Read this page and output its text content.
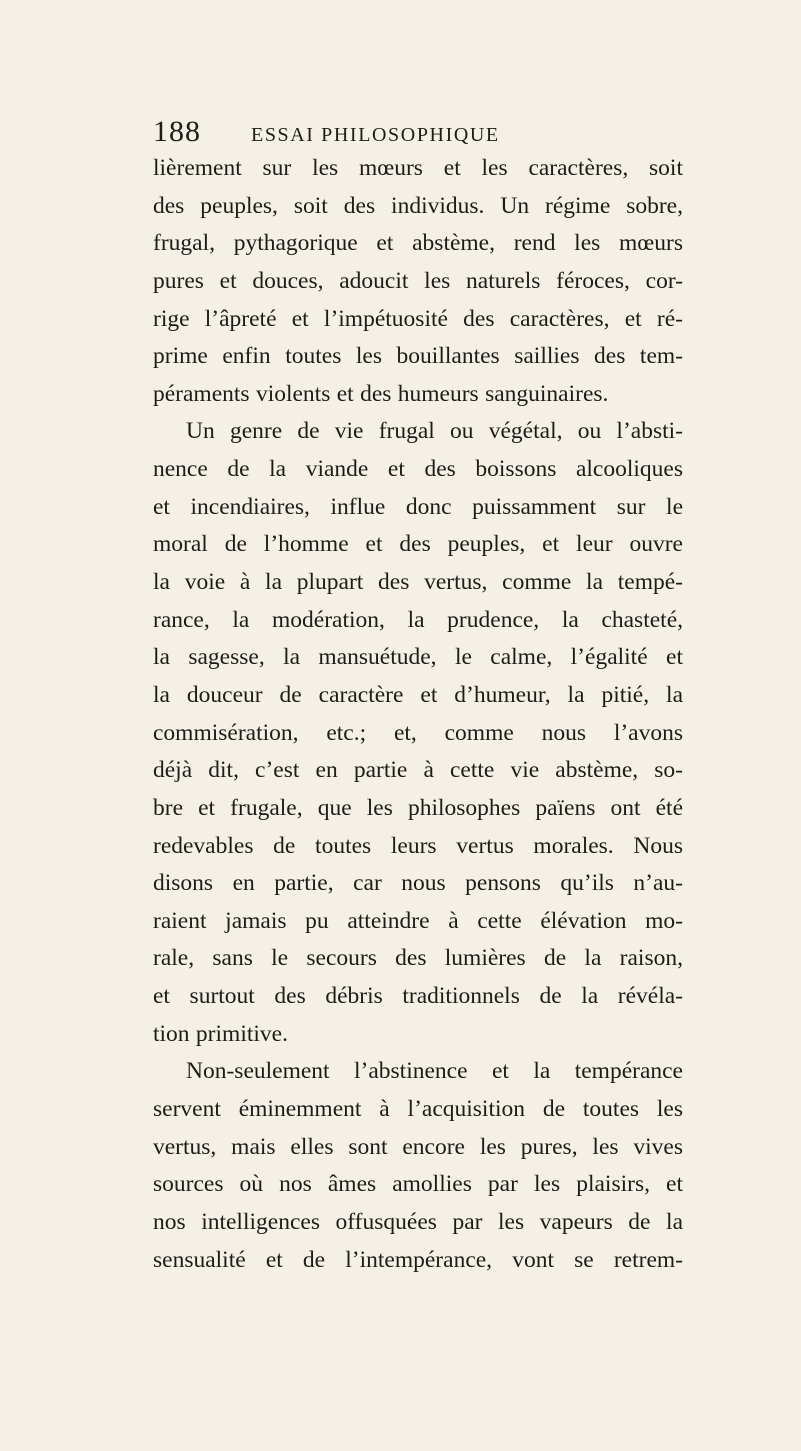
188	ESSAI PHILOSOPHIQUE
lièrement sur les mœurs et les caractères, soit
des peuples, soit des individus. Un régime sobre,
frugal, pythagorique et abstème, rend les mœurs
pures et douces, adoucit les naturels féroces, cor-
rige l’âpreté et l’impétuosité des caractères, et ré-
prime enfin toutes les bouillantes saillies des tem-
péraments violents et des humeurs sanguinaires.
Un genre de vie frugal ou végétal, ou l’absti-
nence de la viande et des boissons alcooliques
et incendiaires, influe donc puissamment sur le
moral de l’homme et des peuples, et leur ouvre
la voie à la plupart des vertus, comme la tempé-
rance, la modération, la prudence, la chasteté,
la sagesse, la mansuétude, le calme, l’égalité et
la douceur de caractère et d’humeur, la pitié, la
commisération, etc.; et, comme nous l’avons
déjà dit, c’est en partie à cette vie abstème, so-
bre et frugale, que les philosophes païens ont été
redevables de toutes leurs vertus morales. Nous
disons en partie, car nous pensons qu’ils n’au-
raient jamais pu atteindre à cette élévation mo-
rale, sans le secours des lumières de la raison,
et surtout des débris traditionnels de la révéla-
tion primitive.
Non-seulement l’abstinence et la tempérance
servent éminemment à l’acquisition de toutes les
vertus, mais elles sont encore les pures, les vives
sources où nos âmes amollies par les plaisirs, et
nos intelligences offusquées par les vapeurs de la
sensualité et de l’intempérance, vont se retrem-
